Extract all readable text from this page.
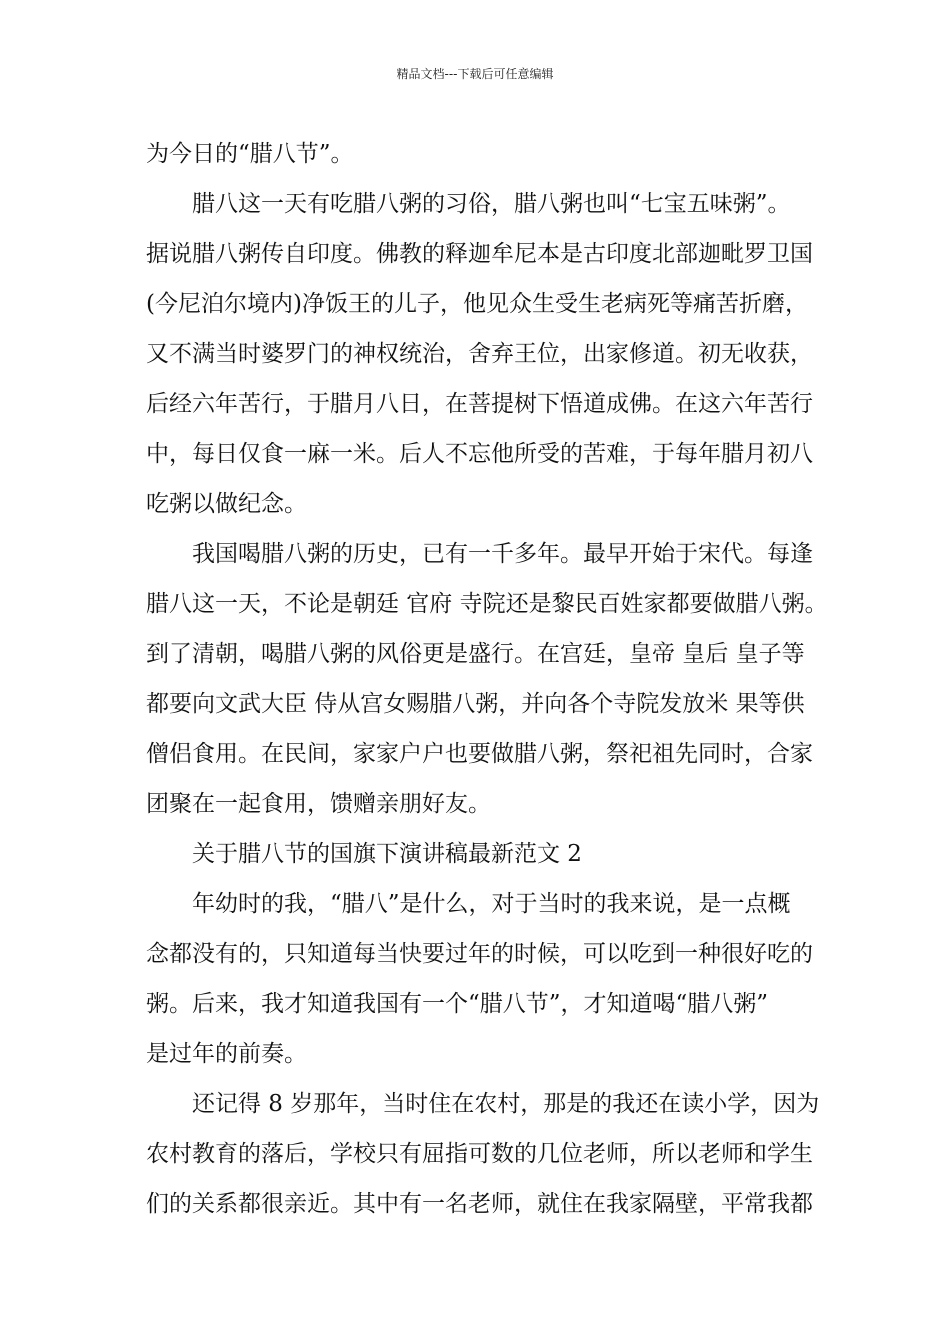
精品文档---下载后可任意编辑
为今日的“腊八节”。
腊八这一天有吃腊八粥的习俗，腊八粥也叫“七宝五味粥”。
据说腊八粥传自印度。佛教的释迦牟尼本是古印度北部迦毗罗卫国
(今尼泊尔境内)净饭王的儿子，他见众生受生老病死等痛苦折磨，
又不满当时婆罗门的神权统治，舍弃王位，出家修道。初无收获，
后经六年苦行，于腊月八日，在菩提树下悟道成佛。在这六年苦行
中，每日仅食一麻一米。后人不忘他所受的苦难，于每年腊月初八
吃粥以做纪念。
我国喝腊八粥的历史，已有一千多年。最早开始于宋代。每逢
腊八这一天，不论是朝廷 官府 寺院还是黎民百姓家都要做腊八粥。
到了清朝，喝腊八粥的风俗更是盛行。在宫廷，皇帝 皇后 皇子等
都要向文武大臣 侍从宫女赐腊八粥，并向各个寺院发放米 果等供
僧侣食用。在民间，家家户户也要做腊八粥，祭祀祖先同时，合家
团聚在一起食用，馈赠亲朋好友。
关于腊八节的国旗下演讲稿最新范文 2
年幼时的我，“腊八”是什么，对于当时的我来说，是一点概
念都没有的，只知道每当快要过年的时候，可以吃到一种很好吃的
粥。后来，我才知道我国有一个“腊八节”，才知道喝“腊八粥”
是过年的前奏。
还记得 8 岁那年，当时住在农村，那是的我还在读小学，因为
农村教育的落后，学校只有屈指可数的几位老师，所以老师和学生
们的关系都很亲近。其中有一名老师，就住在我家隔壁，平常我都
